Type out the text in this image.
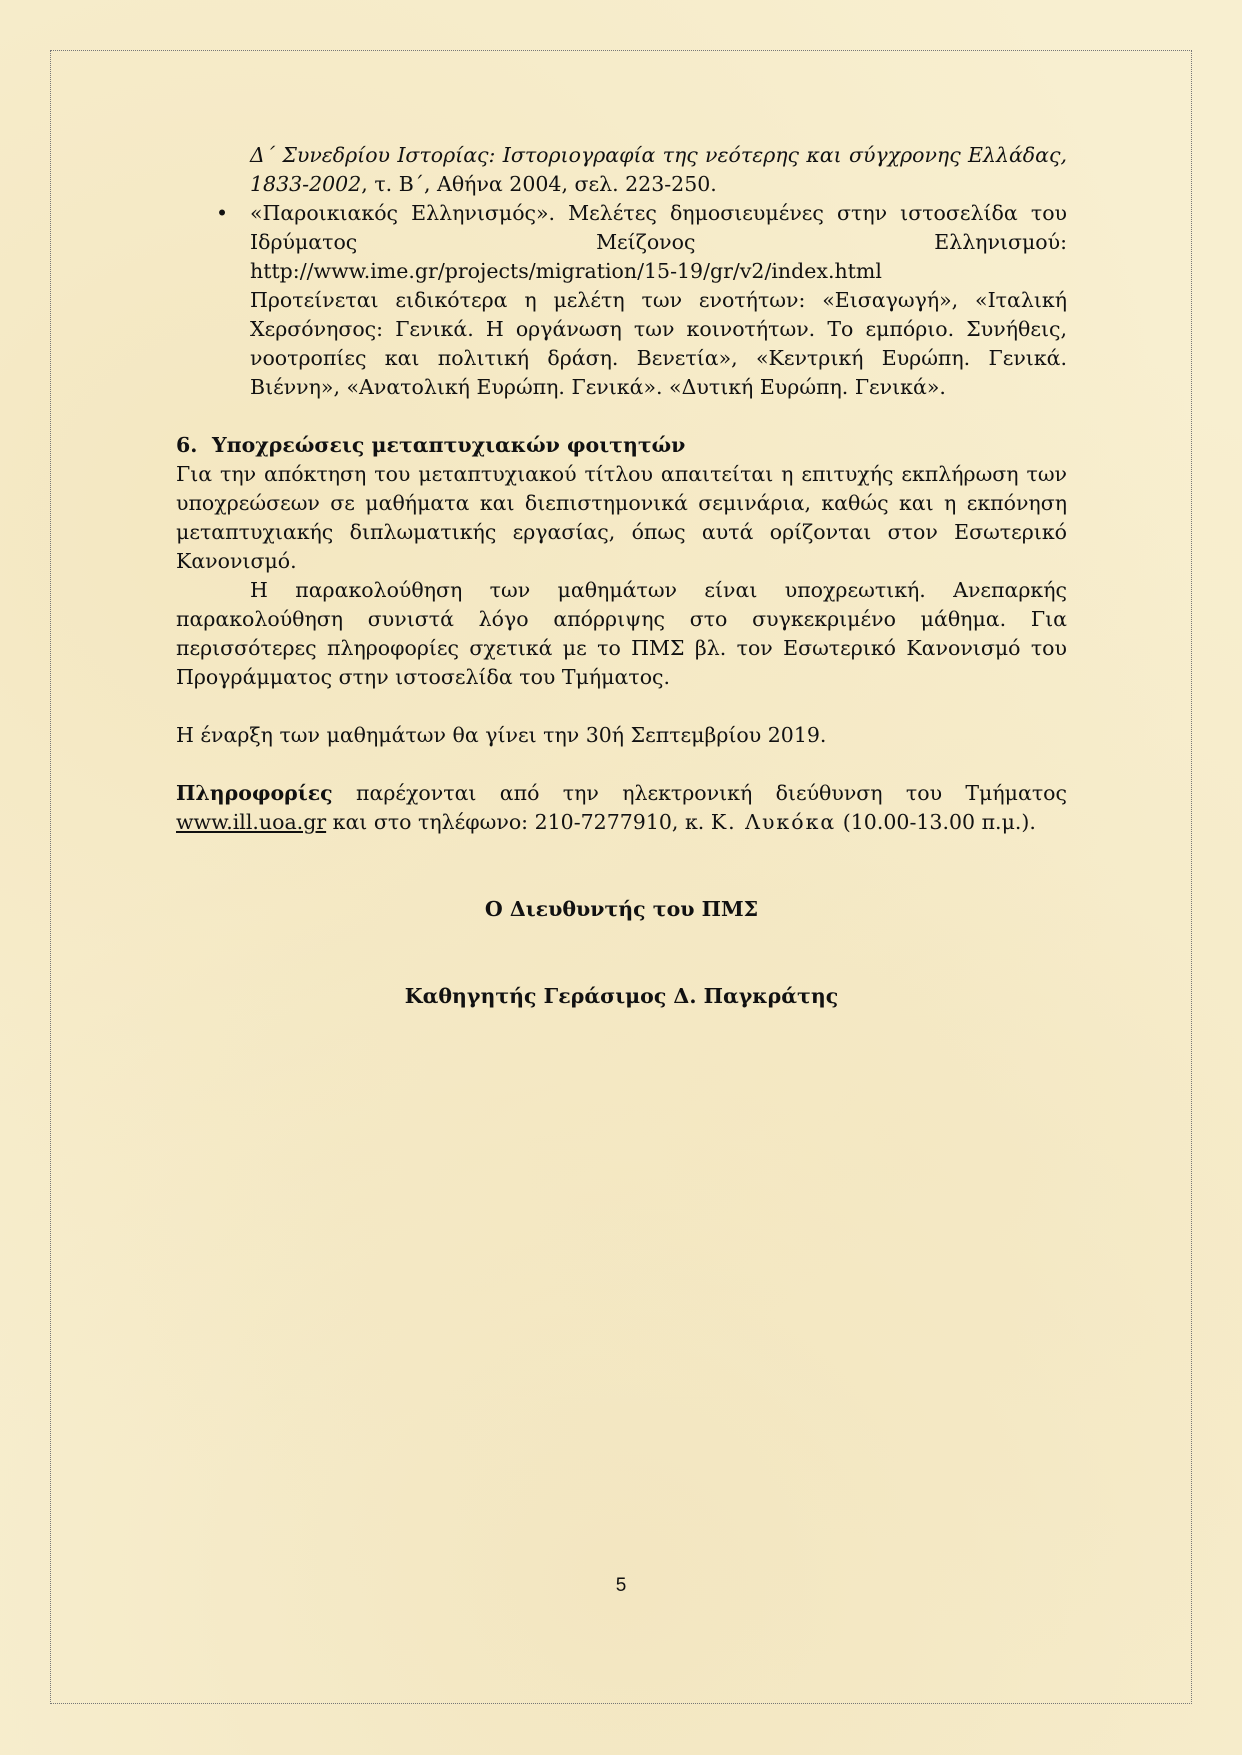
Δ΄ Συνεδρίου Ιστορίας: Ιστοριογραφία της νεότερης και σύγχρονης Ελλάδας,
1833-2002, τ. Β΄, Αθήνα 2004, σελ. 223-250.
• «Παροικιακός Ελληνισμός». Μελέτες δημοσιευμένες στην ιστοσελίδα του
Ιδρύματος Μείζονος Ελληνισμού:
http://www.ime.gr/projects/migration/15-19/gr/v2/index.html
Προτείνεται ειδικότερα η μελέτη των ενοτήτων: «Εισαγωγή», «Ιταλική Χερσόνησος: Γενικά. Η οργάνωση των κοινοτήτων. Το εμπόριο. Συνήθεις, νοοτροπίες και πολιτική δράση. Βενετία», «Κεντρική Ευρώπη. Γενικά. Βιέννη», «Ανατολική Ευρώπη. Γενικά». «Δυτική Ευρώπη. Γενικά».
6. Υποχρεώσεις μεταπτυχιακών φοιτητών
Για την απόκτηση του μεταπτυχιακού τίτλου απαιτείται η επιτυχής εκπλήρωση των υποχρεώσεων σε μαθήματα και διεπιστημονικά σεμινάρια, καθώς και η εκπόνηση μεταπτυχιακής διπλωματικής εργασίας, όπως αυτά ορίζονται στον Εσωτερικό Κανονισμό.
Η παρακολούθηση των μαθημάτων είναι υποχρεωτική. Ανεπαρκής παρακολούθηση συνιστά λόγο απόρριψης στο συγκεκριμένο μάθημα. Για περισσότερες πληροφορίες σχετικά με το ΠΜΣ βλ. τον Εσωτερικό Κανονισμό του Προγράμματος στην ιστοσελίδα του Τμήματος.
Η έναρξη των μαθημάτων θα γίνει την 30ή Σεπτεμβρίου 2019.
Πληροφορίες παρέχονται από την ηλεκτρονική διεύθυνση του Τμήματος www.ill.uoa.gr και στο τηλέφωνο: 210-7277910, κ. Κ. Λυκόκα (10.00-13.00 π.μ.).
Ο Διευθυντής του ΠΜΣ
Καθηγητής Γεράσιμος Δ. Παγκράτης
5
